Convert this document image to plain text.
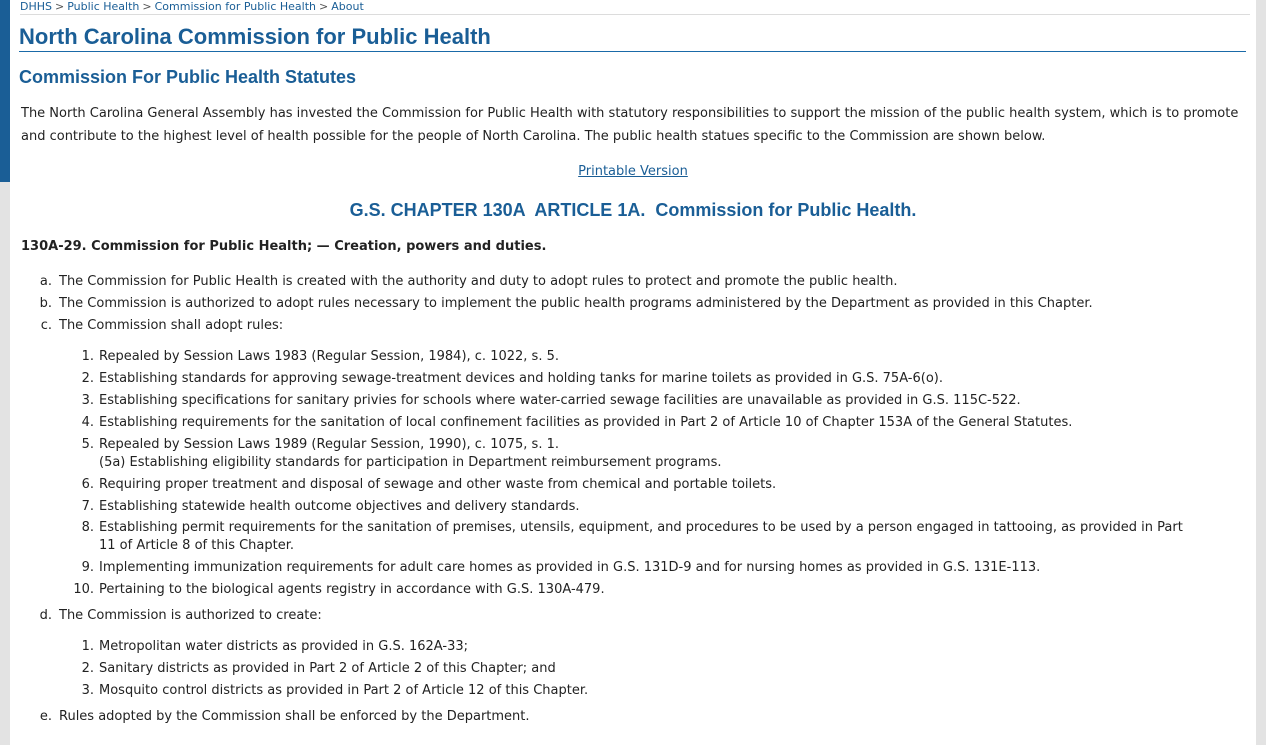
DHHS > Public Health > Commission for Public Health > About
North Carolina Commission for Public Health
Commission For Public Health Statutes

The North Carolina General Assembly has invested the Commission for Public Health with statutory responsibilities to support the mission of the public health system, which is to promote and contribute to the highest level of health possible for the people of North Carolina. The public health statues specific to the Commission are shown below.

Printable Version
G.S. CHAPTER 130A  ARTICLE 1A.  Commission for Public Health.
130A-29. Commission for Public Health; — Creation, powers and duties.
a. The Commission for Public Health is created with the authority and duty to adopt rules to protect and promote the public health.
b. The Commission is authorized to adopt rules necessary to implement the public health programs administered by the Department as provided in this Chapter.
c. The Commission shall adopt rules:
1. Repealed by Session Laws 1983 (Regular Session, 1984), c. 1022, s. 5.
2. Establishing standards for approving sewage-treatment devices and holding tanks for marine toilets as provided in G.S. 75A-6(o).
3. Establishing specifications for sanitary privies for schools where water-carried sewage facilities are unavailable as provided in G.S. 115C-522.
4. Establishing requirements for the sanitation of local confinement facilities as provided in Part 2 of Article 10 of Chapter 153A of the General Statutes.
5. Repealed by Session Laws 1989 (Regular Session, 1990), c. 1075, s. 1.
(5a) Establishing eligibility standards for participation in Department reimbursement programs.
6. Requiring proper treatment and disposal of sewage and other waste from chemical and portable toilets.
7. Establishing statewide health outcome objectives and delivery standards.
8. Establishing permit requirements for the sanitation of premises, utensils, equipment, and procedures to be used by a person engaged in tattooing, as provided in Part
11 of Article 8 of this Chapter.
9. Implementing immunization requirements for adult care homes as provided in G.S. 131D-9 and for nursing homes as provided in G.S. 131E-113.
10. Pertaining to the biological agents registry in accordance with G.S. 130A-479.
d. The Commission is authorized to create:
1. Metropolitan water districts as provided in G.S. 162A-33;
2. Sanitary districts as provided in Part 2 of Article 2 of this Chapter; and
3. Mosquito control districts as provided in Part 2 of Article 12 of this Chapter.
e. Rules adopted by the Commission shall be enforced by the Department.
